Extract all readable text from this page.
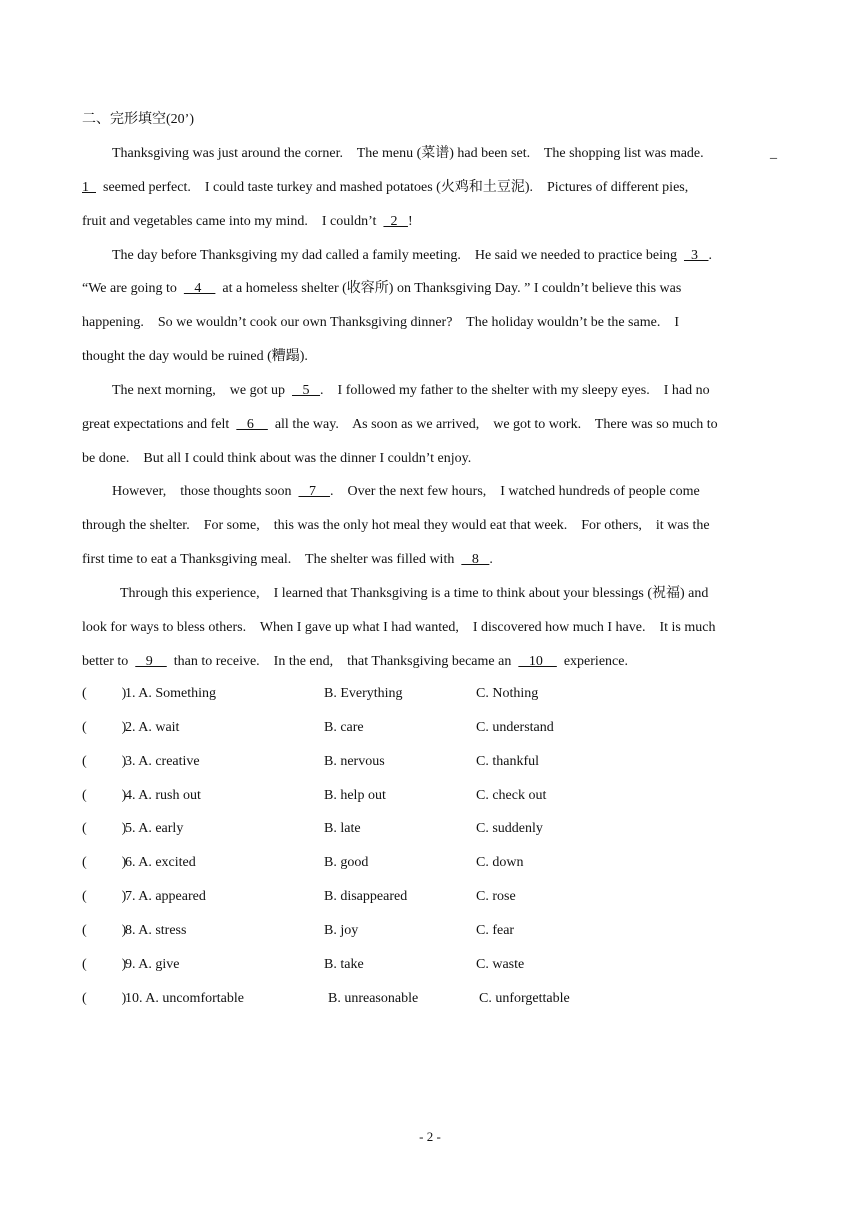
二、完形填空(20’)
Thanksgiving was just around the corner.    The menu (菜谱) had been set.    The shopping list was made.	_
1    seemed perfect.    I could taste turkey and mashed potatoes (火鸡和土豆泥).    Pictures of different pies,
fruit and vegetables came into my mind.    I couldn’t    2   !
The day before Thanksgiving my dad called a family meeting.    He said we needed to practice being    3   .
“We are going to     4      at a homeless shelter (收容所) on Thanksgiving Day. ” I couldn’t believe this was
happening.    So we wouldn’t cook our own Thanksgiving dinner?    The holiday wouldn’t be the same.    I
thought the day would be ruined (糟蹋).
The next morning,    we got up     5   .    I followed my father to the shelter with my sleepy eyes.    I had no
great expectations and felt     6      all the way.    As soon as we arrived,    we got to work.    There was so much to
be done.    But all I could think about was the dinner I couldn’t enjoy.
However,    those thoughts soon     7    .    Over the next few hours,    I watched hundreds of people come
through the shelter.    For some,    this was the only hot meal they would eat that week.    For others,    it was the
first time to eat a Thanksgiving meal.    The shelter was filled with     8   .
Through this experience,    I learned that Thanksgiving is a time to think about your blessings (祝福) and
look for ways to bless others.    When I gave up what I had wanted,    I discovered how much I have.    It is much
better to     9      than to receive.    In the end,    that Thanksgiving became an     10      experience.
(          )
1. A. Something	B. Everything	C. Nothing
(          )
2. A. wait	B. care	C. understand
(          )
3. A. creative	B. nervous	C. thankful
(          )
4. A. rush out	B. help out	C. check out
(          )
5. A. early	B. late	C. suddenly
(          )
6. A. excited	B. good	C. down
(          )
7. A. appeared	B. disappeared	C. rose
(          )
8. A. stress	B. joy	C. fear
(          )
9. A. give	B. take	C. waste
(          )
10. A. uncomfortable	B. unreasonable	C. unforgettable
- 2 -
